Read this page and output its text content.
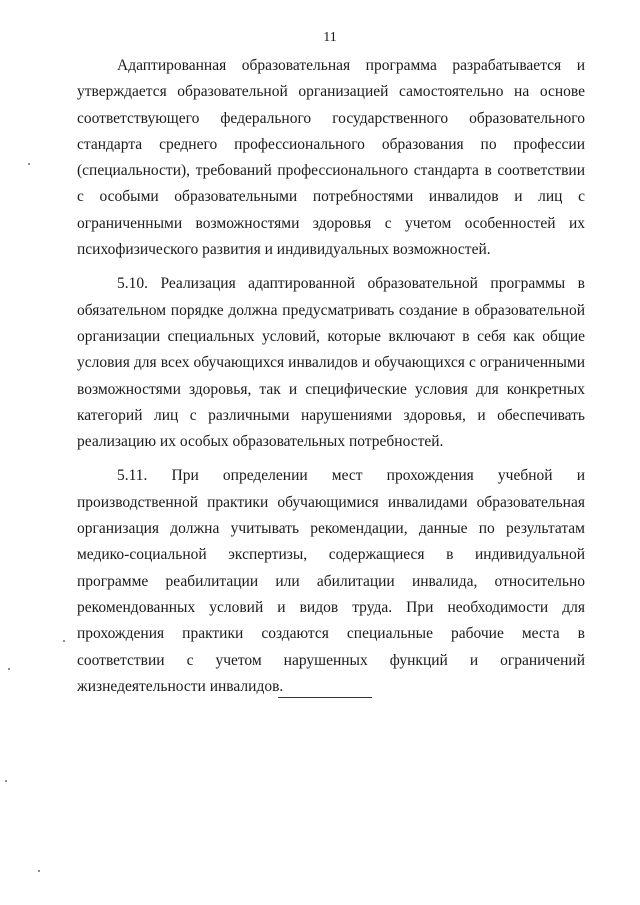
11

Адаптированная образовательная программа разрабатывается и утверждается образовательной организацией самостоятельно на основе соответствующего федерального государственного образовательного стандарта среднего профессионального образования по профессии (специальности), требований профессионального стандарта в соответствии с особыми образовательными потребностями инвалидов и лиц с ограниченными возможностями здоровья с учетом особенностей их психофизического развития и индивидуальных возможностей.

5.10. Реализация адаптированной образовательной программы в обязательном порядке должна предусматривать создание в образовательной организации специальных условий, которые включают в себя как общие условия для всех обучающихся инвалидов и обучающихся с ограниченными возможностями здоровья, так и специфические условия для конкретных категорий лиц с различными нарушениями здоровья, и обеспечивать реализацию их особых образовательных потребностей.

5.11. При определении мест прохождения учебной и производственной практики обучающимися инвалидами образовательная организация должна учитывать рекомендации, данные по результатам медико-социальной экспертизы, содержащиеся в индивидуальной программе реабилитации или абилитации инвалида, относительно рекомендованных условий и видов труда. При необходимости для прохождения практики создаются специальные рабочие места в соответствии с учетом нарушенных функций и ограничений жизнедеятельности инвалидов.
